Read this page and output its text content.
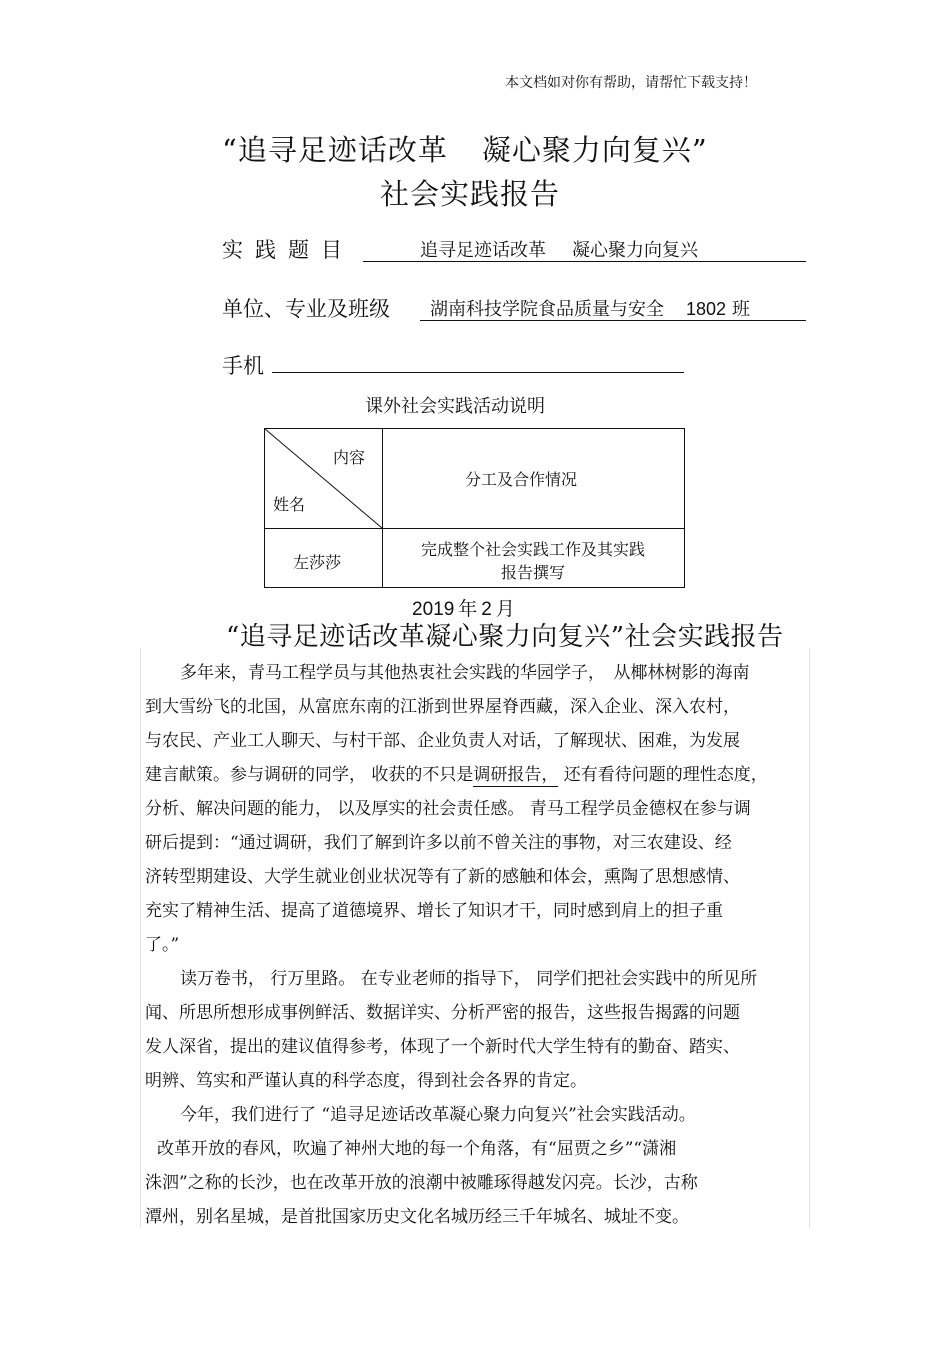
本文档如对你有帮助，请帮忙下载支持！
“追寻足迹话改革 凝心聚力向复兴”
社会实践报告
实践题目	追寻足迹话改革 凝心聚力向复兴
单位、专业及班级 湖南科技学院食品质量与安全 1802 班
手机
课外社会实践活动说明
内容
姓名
分工及合作情况
左莎莎
完成整个社会实践工作及其实践
报告撰写
2019 年 2 月
“追寻足迹话改革凝心聚力向复兴”社会实践报告
多年来，青马工程学员与其他热衷社会实践的华园学子，　从椰林树影的海南
到大雪纷飞的北国，从富庶东南的江浙到世界屋脊西藏，深入企业、深入农村，
与农民、产业工人聊天、与村干部、企业负责人对话，了解现状、困难，为发展
建言献策。参与调研的同学， 收获的不只是调研报告， 还有看待问题的理性态度，
分析、解决问题的能力， 以及厚实的社会责任感。 青马工程学员金德权在参与调
研后提到：“通过调研，我们了解到许多以前不曾关注的事物，对三农建设、经
济转型期建设、大学生就业创业状况等有了新的感触和体会，熏陶了思想感情、
充实了精神生活、提高了道德境界、增长了知识才干，同时感到肩上的担子重
了。”
读万卷书， 行万里路。 在专业老师的指导下， 同学们把社会实践中的所见所
闻、所思所想形成事例鲜活、数据详实、分析严密的报告，这些报告揭露的问题
发人深省，提出的建议值得参考，体现了一个新时代大学生特有的勤奋、踏实、
明辨、笃实和严谨认真的科学态度，得到社会各界的肯定。
今年，我们进行了 “追寻足迹话改革凝心聚力向复兴”社会实践活动。
改革开放的春风，吹遍了神州大地的每一个角落，有“屈贾之乡”“潇湘
洙泗”之称的长沙，也在改革开放的浪潮中被雕琢得越发闪亮。长沙，古称
潭州，别名星城，是首批国家历史文化名城历经三千年城名、城址不变。
